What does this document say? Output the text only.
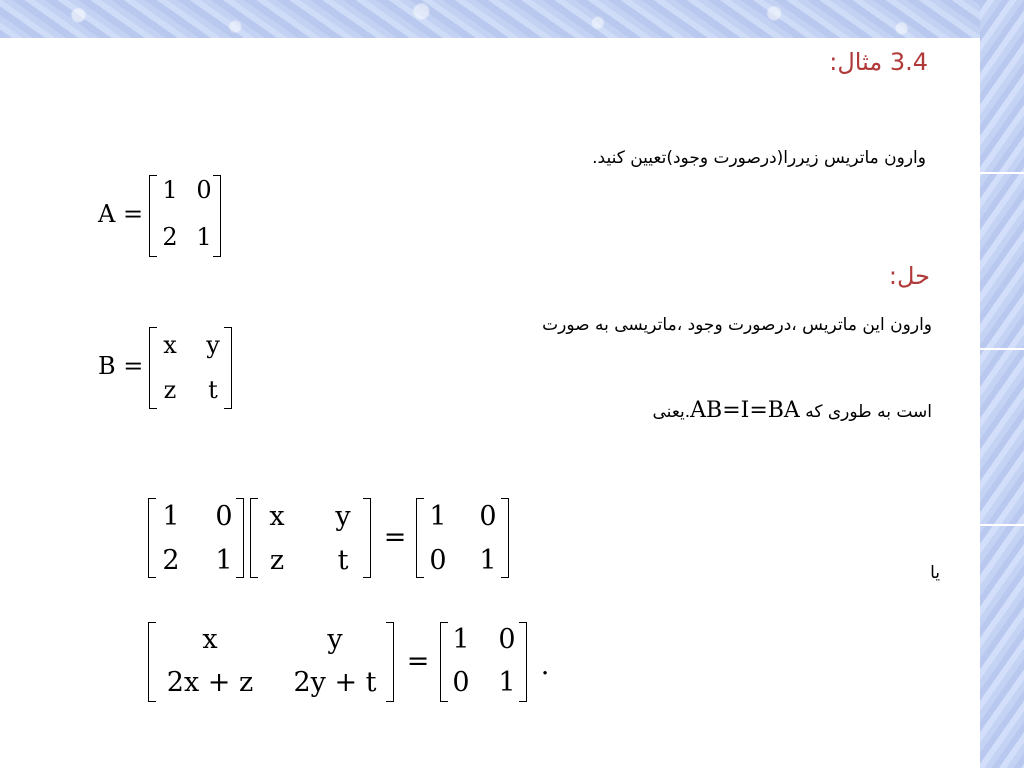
3.4 مثال:
وارون ماتریس زیررا(درصورت وجود)تعیین کنید.
A =
1 0
2 1
حل:
وارون این ماتریس ،درصورت وجود ،ماتریسی به صورت
B =
x y
z t
است به طوری که AB=I=BA.یعنی
1 0
2 1
x y
z	t
=
1 0
0 1	یا
x	y
2x + z	2y + t
=
1 0
0 1
.
